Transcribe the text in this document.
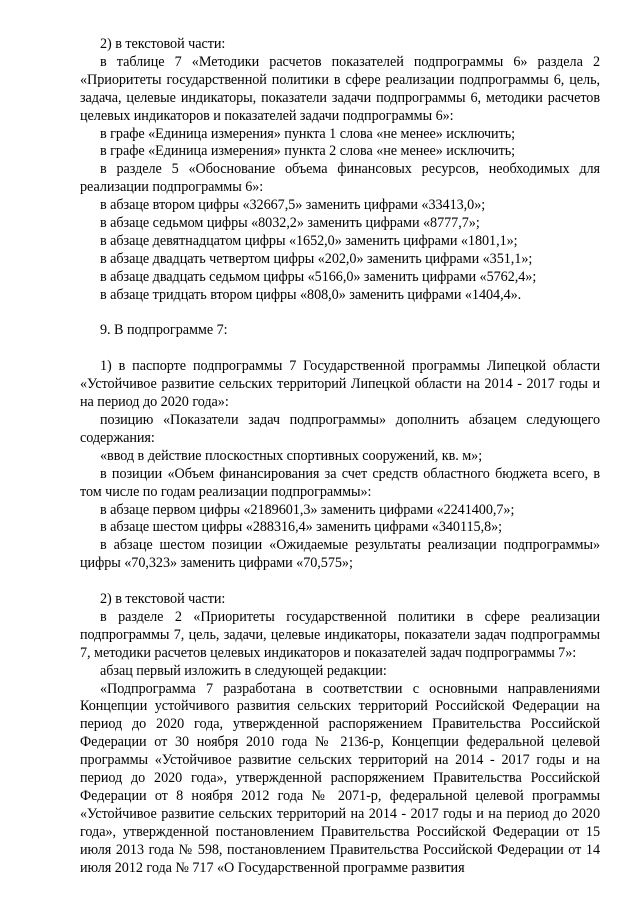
2) в текстовой части:

в таблице 7 «Методики расчетов показателей подпрограммы 6» раздела 2 «Приоритеты государственной политики в сфере реализации подпрограммы 6, цель, задача, целевые индикаторы, показатели задачи подпрограммы 6, методики расчетов целевых индикаторов и показателей задачи подпрограммы 6»:

в графе «Единица измерения» пункта 1 слова «не менее» исключить;

в графе «Единица измерения» пункта 2 слова «не менее» исключить;

в разделе 5 «Обоснование объема финансовых ресурсов, необходимых для реализации подпрограммы 6»:

в абзаце втором цифры «32667,5» заменить цифрами «33413,0»;

в абзаце седьмом цифры «8032,2» заменить цифрами «8777,7»;

в абзаце девятнадцатом цифры «1652,0» заменить цифрами «1801,1»;

в абзаце двадцать четвертом цифры «202,0» заменить цифрами «351,1»;

в абзаце двадцать седьмом цифры «5166,0» заменить цифрами «5762,4»;

в абзаце тридцать втором цифры «808,0» заменить цифрами «1404,4».

9. В подпрограмме 7:

1) в паспорте подпрограммы 7 Государственной программы Липецкой области «Устойчивое развитие сельских территорий Липецкой области на 2014 - 2017 годы и на период до 2020 года»:

позицию «Показатели задач подпрограммы» дополнить абзацем следующего содержания:

«ввод в действие плоскостных спортивных сооружений, кв. м»;

в позиции «Объем финансирования за счет средств областного бюджета всего, в том числе по годам реализации подпрограммы»:

в абзаце первом цифры «2189601,3» заменить цифрами «2241400,7»;

в абзаце шестом цифры «288316,4» заменить цифрами «340115,8»;

в абзаце шестом позиции «Ожидаемые результаты реализации подпрограммы» цифры «70,323» заменить цифрами «70,575»;

2) в текстовой части:

в разделе 2 «Приоритеты государственной политики в сфере реализации подпрограммы 7, цель, задачи, целевые индикаторы, показатели задач подпрограммы 7, методики расчетов целевых индикаторов и показателей задач подпрограммы 7»:

абзац первый изложить в следующей редакции:

«Подпрограмма 7 разработана в соответствии с основными направлениями Концепции устойчивого развития сельских территорий Российской Федерации на период до 2020 года, утвержденной распоряжением Правительства Российской Федерации от 30 ноября 2010 года № 2136-р, Концепции федеральной целевой программы «Устойчивое развитие сельских территорий на 2014 - 2017 годы и на период до 2020 года», утвержденной распоряжением Правительства Российской Федерации от 8 ноября 2012 года № 2071-р, федеральной целевой программы «Устойчивое развитие сельских территорий на 2014 - 2017 годы и на период до 2020 года», утвержденной постановлением Правительства Российской Федерации от 15 июля 2013 года № 598, постановлением Правительства Российской Федерации от 14 июля 2012 года № 717 «О Государственной программе развития
